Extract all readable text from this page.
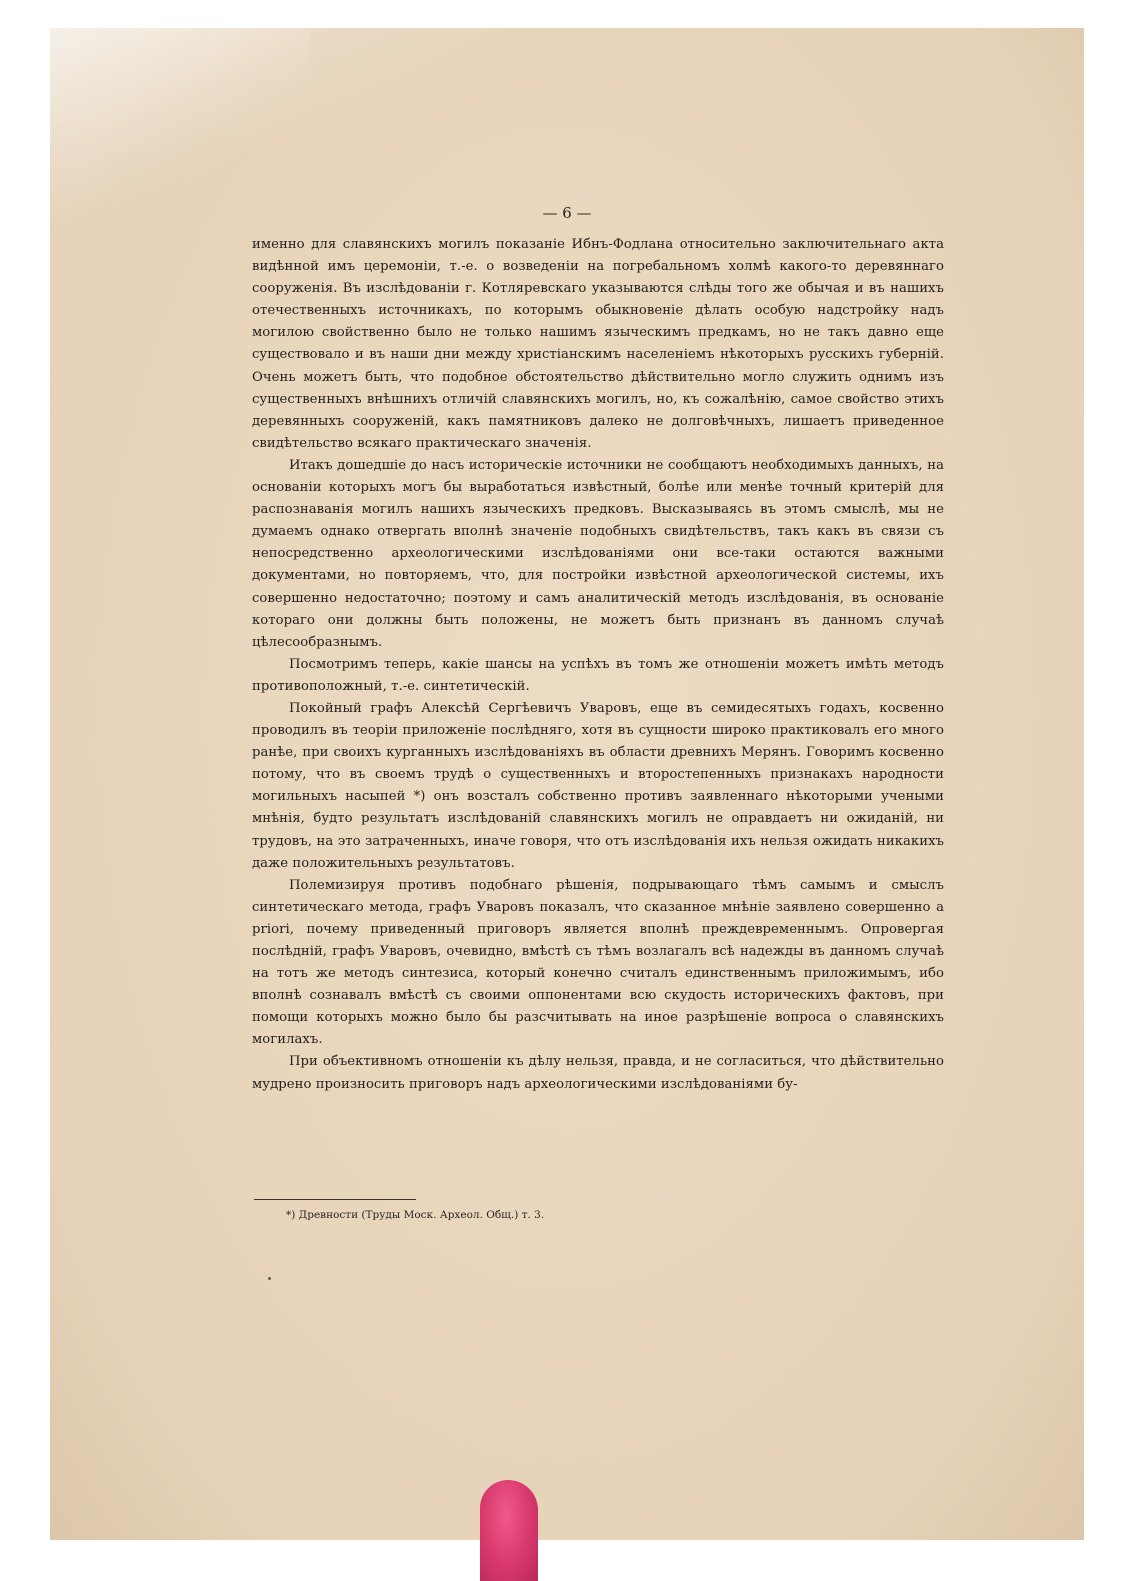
— 6 —

именно для славянскихъ могилъ показаніе Ибнъ-Фодлана относительно заключительнаго акта видѣнной имъ церемоніи, т.-е. о возведеніи на погребальномъ холмѣ какого-то деревяннаго сооруженія. Въ изслѣдованіи г. Котляревскаго указываются слѣды того же обычая и въ нашихъ отечественныхъ источникахъ, по которымъ обыкновеніе дѣлать особую надстройку надъ могилою свойственно было не только нашимъ языческимъ предкамъ, но не такъ давно еще существовало и въ наши дни между христіанскимъ населеніемъ нѣкоторыхъ русскихъ губерній. Очень можетъ быть, что подобное обстоятельство дѣйствительно могло служить однимъ изъ существенныхъ внѣшнихъ отличій славянскихъ могилъ, но, къ сожалѣнію, самое свойство этихъ деревянныхъ сооруженій, какъ памятниковъ далеко не долговѣчныхъ, лишаетъ приведенное свидѣтельство всякаго практическаго значенія.

Итакъ дошедшіе до насъ историческіе источники не сообщаютъ необходимыхъ данныхъ, на основаніи которыхъ могъ бы выработаться извѣстный, болѣе или менѣе точный критерій для распознаванія могилъ нашихъ языческихъ предковъ. Высказываясь въ этомъ смыслѣ, мы не думаемъ однако отвергать вполнѣ значеніе подобныхъ свидѣтельствъ, такъ какъ въ связи съ непосредственно археологическими изслѣдованіями они все-таки остаются важными документами, но повторяемъ, что, для постройки извѣстной археологической системы, ихъ совершенно недостаточно; поэтому и самъ аналитическій методъ изслѣдованія, въ основаніе котораго они должны быть положены, не можетъ быть признанъ въ данномъ случаѣ цѣлесообразнымъ.

Посмотримъ теперь, какіе шансы на успѣхъ въ томъ же отношеніи можетъ имѣть методъ противоположный, т.-е. синтетическій.

Покойный графъ Алексѣй Сергѣевичъ Уваровъ, еще въ семидесятыхъ годахъ, косвенно проводилъ въ теоріи приложеніе послѣдняго, хотя въ сущности широко практиковалъ его много ранѣе, при своихъ курганныхъ изслѣдованіяхъ въ области древнихъ Мерянъ. Говоримъ косвенно потому, что въ своемъ трудѣ о существенныхъ и второстепенныхъ признакахъ народности могильныхъ насыпей *) онъ возсталъ собственно противъ заявленнаго нѣкоторыми учеными мнѣнія, будто результатъ изслѣдованій славянскихъ могилъ не оправдаетъ ни ожиданій, ни трудовъ, на это затраченныхъ, иначе говоря, что отъ изслѣдованія ихъ нельзя ожидать никакихъ даже положительныхъ результатовъ.

Полемизируя противъ подобнаго рѣшенія, подрывающаго тѣмъ самымъ и смыслъ синтетическаго метода, графъ Уваровъ показалъ, что сказанное мнѣніе заявлено совершенно a priori, почему приведенный приговоръ является вполнѣ преждевременнымъ. Опровергая послѣдній, графъ Уваровъ, очевидно, вмѣстѣ съ тѣмъ возлагалъ всѣ надежды въ данномъ случаѣ на тотъ же методъ синтезиса, который конечно считалъ единственнымъ приложимымъ, ибо вполнѣ сознавалъ вмѣстѣ съ своими оппонентами всю скудость историческихъ фактовъ, при помощи которыхъ можно было бы разсчитывать на иное разрѣшеніе вопроса о славянскихъ могилахъ.

При объективномъ отношеніи къ дѣлу нельзя, правда, и не согласиться, что дѣйствительно мудрено произносить приговоръ надъ археологическими изслѣдованіями бу-

*) Древности (Труды Моск. Археол. Общ.) т. 3.
